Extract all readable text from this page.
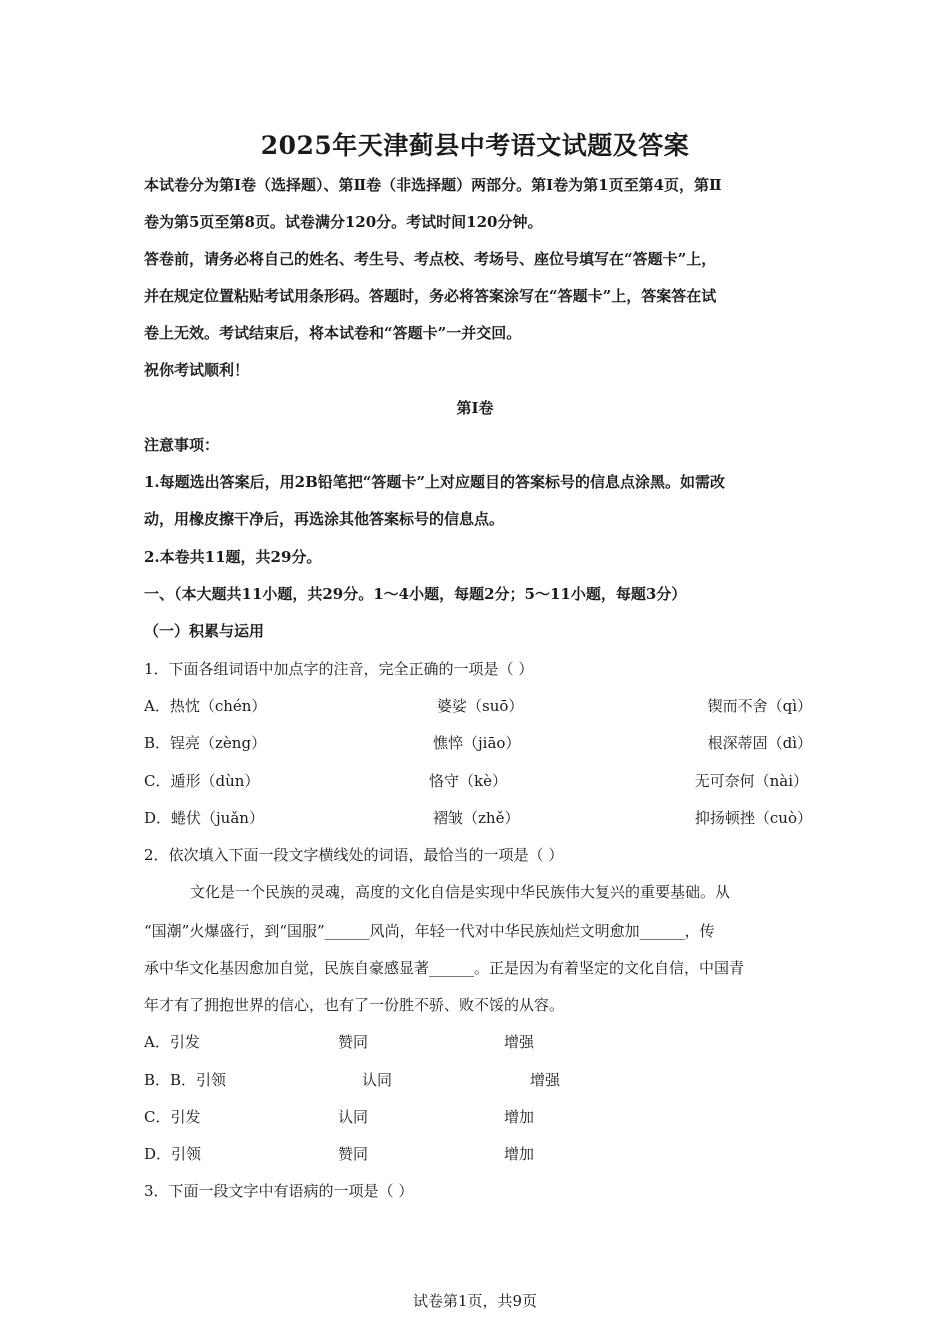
2025年天津蓟县中考语文试题及答案
本试卷分为第Ⅰ卷（选择题）、第Ⅱ卷（非选择题）两部分。第Ⅰ卷为第1页至第4页，第Ⅱ
卷为第5页至第8页。试卷满分120分。考试时间120分钟。
答卷前，请务必将自己的姓名、考生号、考点校、考场号、座位号填写在“答题卡”上，
并在规定位置粘贴考试用条形码。答题时，务必将答案涂写在“答题卡”上，答案答在试
卷上无效。考试结束后，将本试卷和“答题卡”一并交回。
祝你考试顺利！
第Ⅰ卷
注意事项：
1.每题选出答案后，用2B铅笔把“答题卡”上对应题目的答案标号的信息点涂黑。如需改
动，用橡皮擦干净后，再选涂其他答案标号的信息点。
2.本卷共11题，共29分。
一、（本大题共11小题，共29分。1～4小题，每题2分；5～11小题，每题3分）
（一）积累与运用
1．下面各组词语中加点字的注音，完全正确的一项是（ ）
A．热忱（chén）	婆娑（suō）	锲而不舍（qì）
B．锃亮（zèng）	憔悴（jiāo）	根深蒂固（dì）
C．遁形（dùn）	恪守（kè）	无可奈何（nài）
D．蜷伏（juǎn）	褶皱（zhě）	抑扬顿挫（cuò）
2．依次填入下面一段文字横线处的词语，最恰当的一项是（ ）
文化是一个民族的灵魂，高度的文化自信是实现中华民族伟大复兴的重要基础。从
“国潮”火爆盛行，到“国服”______风尚，年轻一代对中华民族灿烂文明愈加______，传
承中华文化基因愈加自觉，民族自豪感显著______。正是因为有着坚定的文化自信，中国青
年才有了拥抱世界的信心，也有了一份胜不骄、败不馁的从容。
A．引发	赞同	增强
B．B．引领	认同	增强
C．引发	认同	增加
D．引领	赞同	增加
3．下面一段文字中有语病的一项是（ ）
试卷第1页，共9页
